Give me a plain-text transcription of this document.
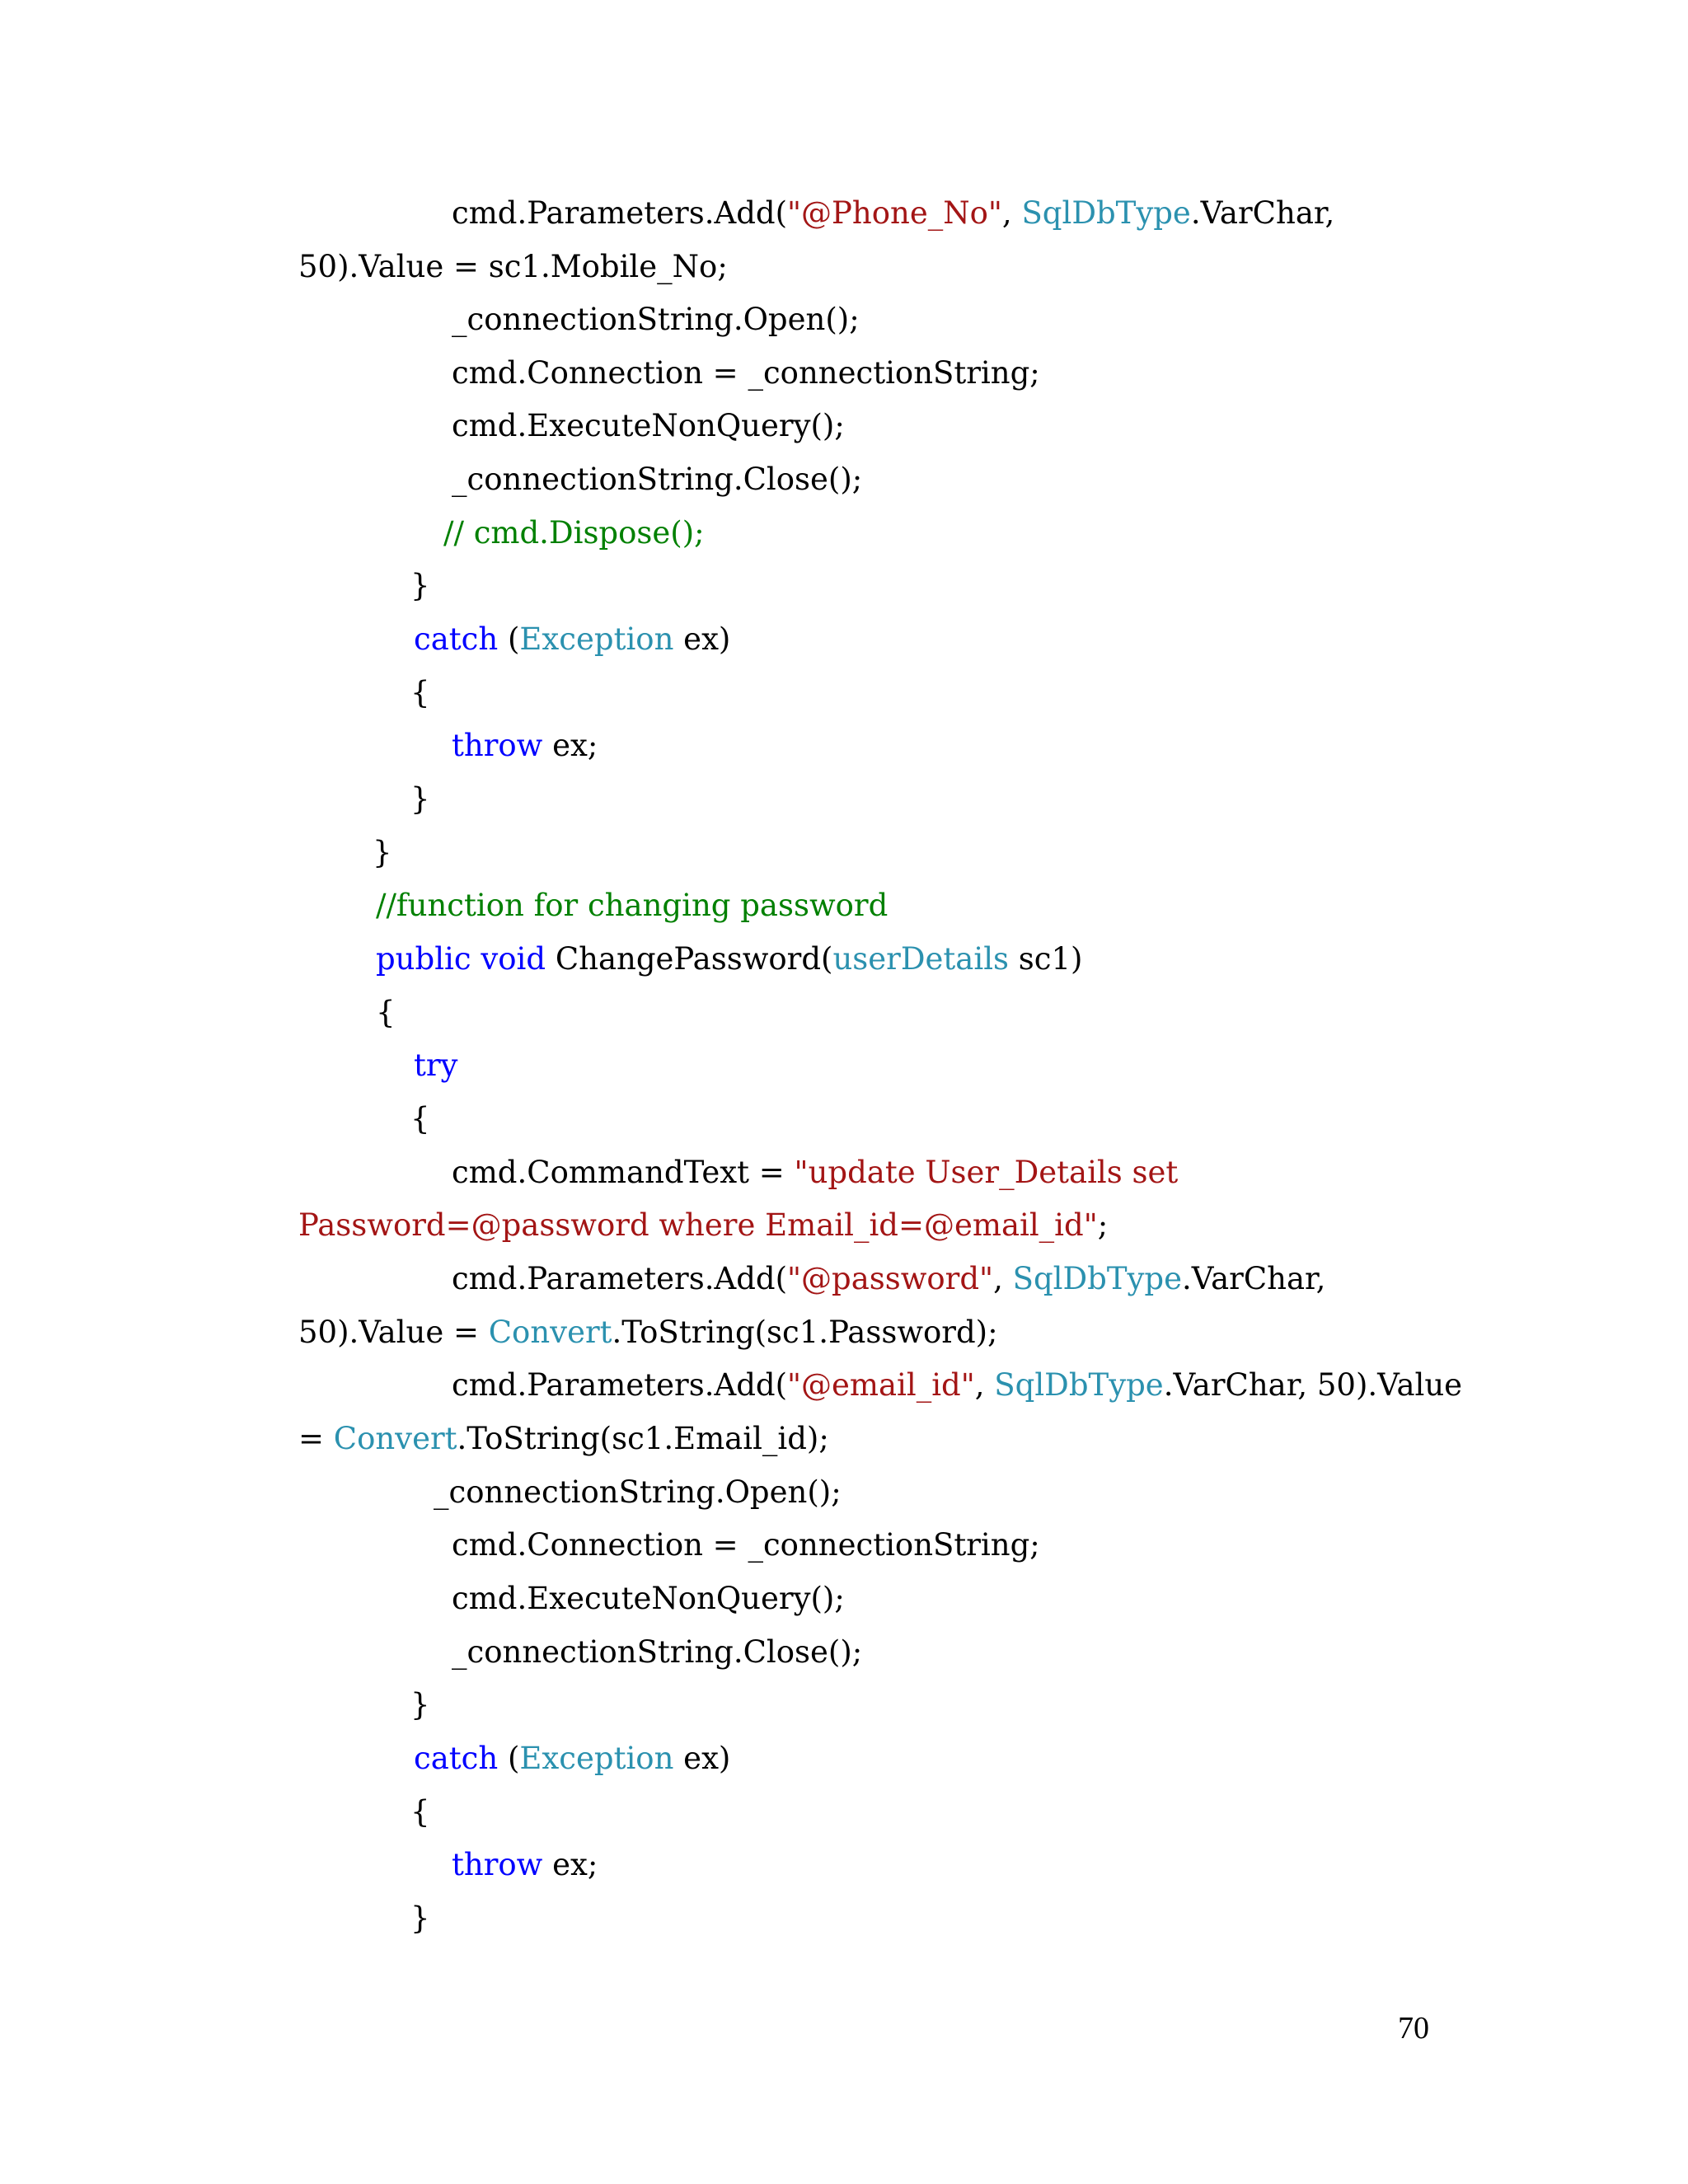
cmd.Parameters.Add("@Phone_No", SqlDbType.VarChar,
50).Value = sc1.Mobile_No;
_connectionString.Open();
cmd.Connection = _connectionString;
cmd.ExecuteNonQuery();
_connectionString.Close();
// cmd.Dispose();
}
catch (Exception ex)
{
throw ex;
}
}
//function for changing password
public void ChangePassword(userDetails sc1)
{
try
{
cmd.CommandText = "update User_Details set
Password=@password where Email_id=@email_id";
cmd.Parameters.Add("@password", SqlDbType.VarChar,
50).Value = Convert.ToString(sc1.Password);
cmd.Parameters.Add("@email_id", SqlDbType.VarChar, 50).Value
= Convert.ToString(sc1.Email_id);
_connectionString.Open();
cmd.Connection = _connectionString;
cmd.ExecuteNonQuery();
_connectionString.Close();
}
catch (Exception ex)
{
throw ex;
}
70
